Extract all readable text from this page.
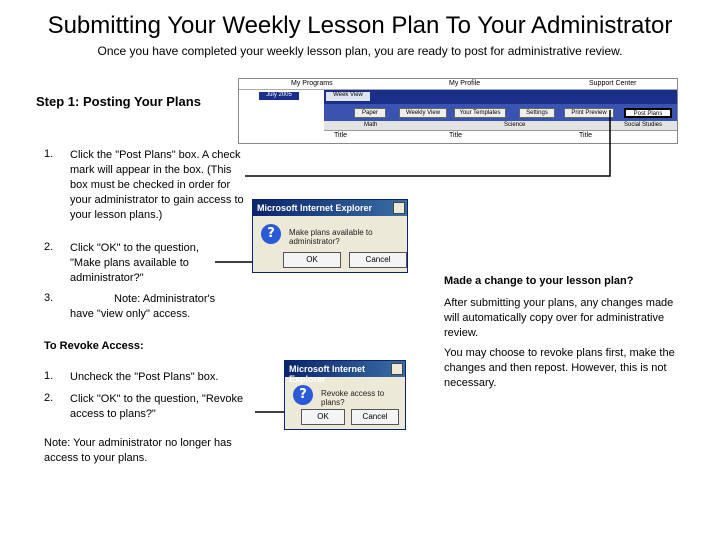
Submitting Your Weekly Lesson Plan To Your Administrator
Once you have completed your weekly lesson plan, you are ready to post for administrative review.
Step 1: Posting Your Plans
My Programs	My Profile	Support Center
July 2005	Week View
Paper	Weekly View	Your Templates	Settings	Print Preview	Post Plans
Math	Science	Social Studies
Title	Title	Title
1. Click the "Post Plans" box. A check mark will appear in the box. (This box must be checked in order for your administrator to gain access to your lesson plans.)
2. Click "OK" to the question, "Make plans available to administrator?"
3.	Note: Administrator's have "view only" access.
Microsoft Internet Explorer
?	Make plans available to administrator?
OK	Cancel
To Revoke Access:
1. Uncheck the "Post Plans" box.
2. Click "OK" to the question, "Revoke access to plans?"
Note: Your administrator no longer has access to your plans.
Microsoft Internet Explorer
?	Revoke access to plans?
OK	Cancel
Made a change to your lesson plan?
After submitting your plans, any changes made will automatically copy over for administrative review.
You may choose to revoke plans first, make the changes and then repost. However, this is not necessary.
